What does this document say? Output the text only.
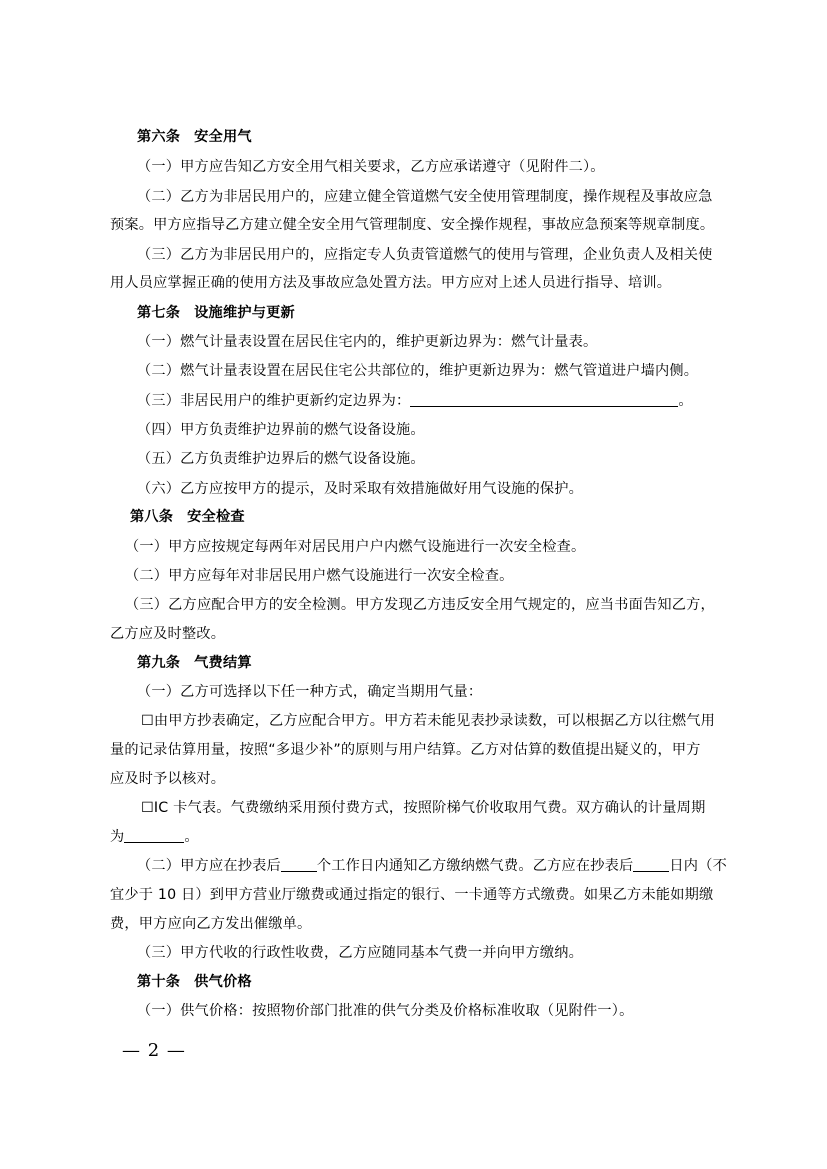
第六条 安全用气
（一）甲方应告知乙方安全用气相关要求，乙方应承诺遵守（见附件二）。
（二）乙方为非居民用户的，应建立健全管道燃气安全使用管理制度，操作规程及事故应急
预案。甲方应指导乙方建立健全安全用气管理制度、安全操作规程，事故应急预案等规章制度。
（三）乙方为非居民用户的，应指定专人负责管道燃气的使用与管理，企业负责人及相关使
用人员应掌握正确的使用方法及事故应急处置方法。甲方应对上述人员进行指导、培训。
第七条 设施维护与更新
（一）燃气计量表设置在居民住宅内的，维护更新边界为：燃气计量表。
（二）燃气计量表设置在居民住宅公共部位的，维护更新边界为：燃气管道进户墙内侧。
（三）非居民用户的维护更新约定边界为：	。
（四）甲方负责维护边界前的燃气设备设施。
（五）乙方负责维护边界后的燃气设备设施。
（六）乙方应按甲方的提示，及时采取有效措施做好用气设施的保护。
第八条 安全检查
（一）甲方应按规定每两年对居民用户户内燃气设施进行一次安全检查。
（二）甲方应每年对非居民用户燃气设施进行一次安全检查。
（三）乙方应配合甲方的安全检测。甲方发现乙方违反安全用气规定的，应当书面告知乙方，
乙方应及时整改。
第九条 气费结算
（一）乙方可选择以下任一种方式，确定当期用气量：
☐由甲方抄表确定，乙方应配合甲方。甲方若未能见表抄录读数，可以根据乙方以往燃气用
量的记录估算用量，按照“多退少补”的原则与用户结算。乙方对估算的数值提出疑义的，甲方
应及时予以核对。
☐IC 卡气表。气费缴纳采用预付费方式，按照阶梯气价收取用气费。双方确认的计量周期
为	。
（二）甲方应在抄表后	个工作日内通知乙方缴纳燃气费。乙方应在抄表后	日内（不
宜少于 10 日）到甲方营业厅缴费或通过指定的银行、一卡通等方式缴费。如果乙方未能如期缴
费，甲方应向乙方发出催缴单。
（三）甲方代收的行政性收费，乙方应随同基本气费一并向甲方缴纳。
第十条 供气价格
（一）供气价格：按照物价部门批准的供气分类及价格标准收取（见附件一）。
— 2 —
